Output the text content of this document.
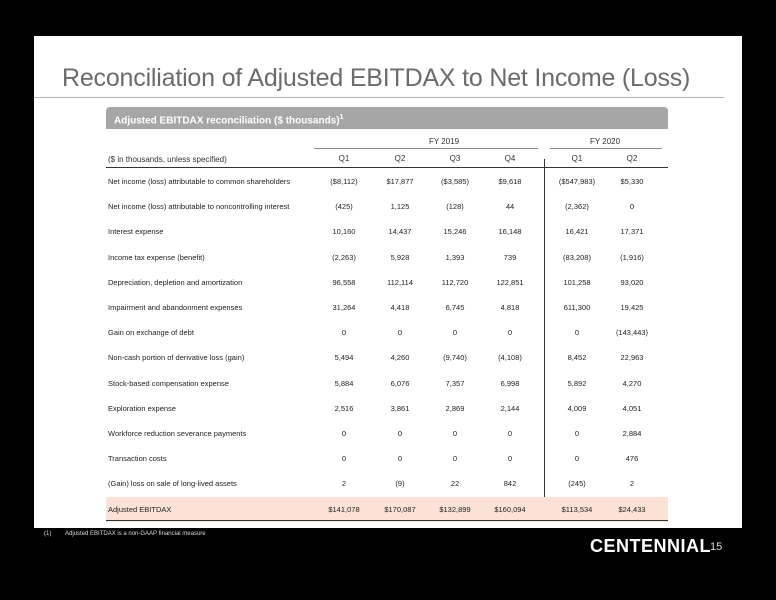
Reconciliation of Adjusted EBITDAX to Net Income (Loss)
Adjusted EBITDAX reconciliation ($ thousands)$^1$
FY 2019	FY 2020
($ in thousands, unless specified)	Q1	Q2	Q3	Q4	Q1	Q2
Net income (loss) attributable to common shareholders	($8,112)	$17,877	($3,585)	$9,618	($547,983)	$5,330
Net income (loss) attributable to noncontrolling interest	(425)	1,125	(128)	44	(2,362)	0
Interest expense	10,160	14,437	15,246	16,148	16,421	17,371
Income tax expense (benefit)	(2,263)	5,928	1,393	739	(83,208)	(1,916)
Depreciation, depletion and amortization	96,558	112,114	112,720	122,851	101,258	93,020
Impairment and abandonment expenses	31,264	4,418	6,745	4,818	611,300	19,425
Gain on exchange of debt	0	0	0	0	0	(143,443)
Non-cash portion of derivative loss (gain)	5,494	4,260	(9,740)	(4,108)	8,452	22,963
Stock-based compensation expense	5,884	6,076	7,357	6,998	5,892	4,270
Exploration expense	2,516	3,861	2,869	2,144	4,009	4,051
Workforce reduction severance payments	0	0	0	0	0	2,884
Transaction costs	0	0	0	0	0	476
(Gain) loss on sale of long-lived assets	2	(9)	22	842	(245)	2
Adjusted EBITDAX	$141,078	$170,087	$132,899	$160,094	$113,534	$24,433
(1) Adjusted EBITDAX is a non-GAAP financial measure
CENTENNIAL 15
